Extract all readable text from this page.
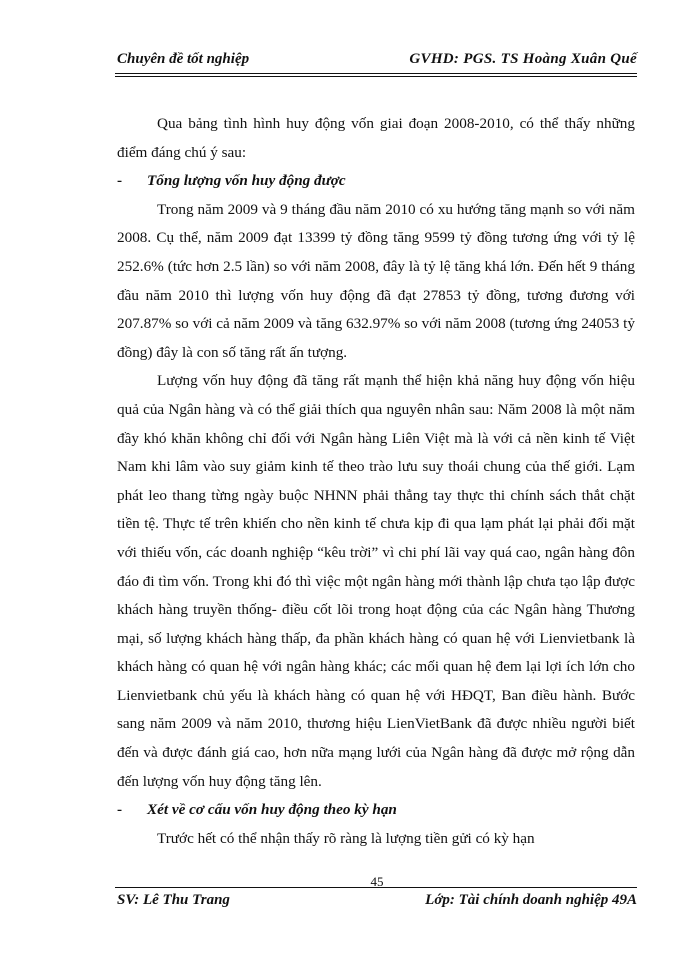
Chuyên đề tốt nghiệp	GVHD: PGS. TS Hoàng Xuân Quế

Qua bảng tình hình huy động vốn giai đoạn 2008-2010, có thể thấy những điểm đáng chú ý sau:

-	Tổng lượng vốn huy động được

Trong năm 2009 và 9 tháng đầu năm 2010 có xu hướng tăng mạnh so với năm 2008. Cụ thể, năm 2009 đạt 13399 tỷ đồng tăng 9599 tỷ đồng tương ứng với tỷ lệ 252.6% (tức hơn 2.5 lần) so với năm 2008, đây là tỷ lệ tăng khá lớn. Đến hết 9 tháng đầu năm 2010 thì lượng vốn huy động đã đạt 27853 tỷ đồng, tương đương với 207.87% so với cả năm 2009 và tăng 632.97% so với năm 2008 (tương ứng 24053 tỷ đồng) đây là con số tăng rất ấn tượng.

Lượng vốn huy động đã tăng rất mạnh thể hiện khả năng huy động vốn hiệu quả của Ngân hàng và có thể giải thích qua nguyên nhân sau: Năm 2008 là một năm đầy khó khăn không chỉ đối với Ngân hàng Liên Việt mà là với cả nền kinh tế Việt Nam khi lâm vào suy giảm kinh tế theo trào lưu suy thoái chung của thế giới. Lạm phát leo thang từng ngày buộc NHNN phải thẳng tay thực thi chính sách thắt chặt tiền tệ. Thực tế trên khiến cho nền kinh tế chưa kịp đi qua lạm phát lại phải đối mặt với thiếu vốn, các doanh nghiệp “kêu trời” vì chi phí lãi vay quá cao, ngân hàng đôn đáo đi tìm vốn. Trong khi đó thì việc một ngân hàng mới thành lập chưa tạo lập được khách hàng truyền thống- điều cốt lõi trong hoạt động của các Ngân hàng Thương mại, số lượng khách hàng thấp, đa phần khách hàng có quan hệ với Lienvietbank là khách hàng có quan hệ với ngân hàng khác; các mối quan hệ đem lại lợi ích lớn cho Lienvietbank chủ yếu là khách hàng có quan hệ với HĐQT, Ban điều hành. Bước sang năm 2009 và năm 2010, thương hiệu LienVietBank đã được nhiều người biết đến và được đánh giá cao, hơn nữa mạng lưới của Ngân hàng đã được mở rộng dẫn đến lượng vốn huy động tăng lên.

-	Xét về cơ cấu vốn huy động theo kỳ hạn

Trước hết có thể nhận thấy rõ ràng là lượng tiền gửi có kỳ hạn

45
SV: Lê Thu Trang	Lớp: Tài chính doanh nghiệp 49A
